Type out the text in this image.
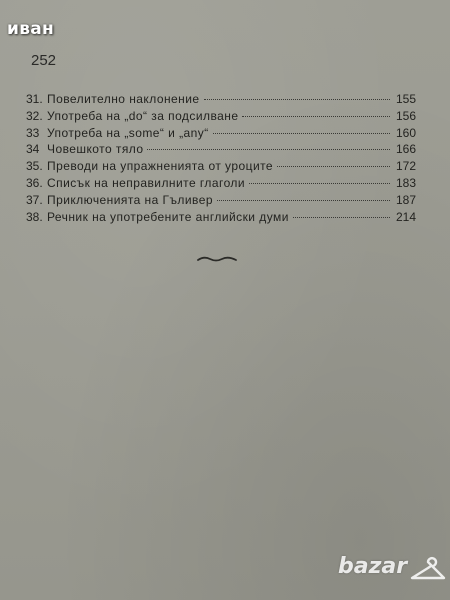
иван
252
31. Повелително наклонение	155
32. Употреба на „do“ за подсилване	156
33 Употреба на „some“ и „any“	160
34 Човешкото тяло	166
35. Преводи на упражненията от уроците	172
36. Списък на неправилните глаголи	183
37. Приключенията на Гъливер	187
38. Речник на употребените английски думи	214
bazar
